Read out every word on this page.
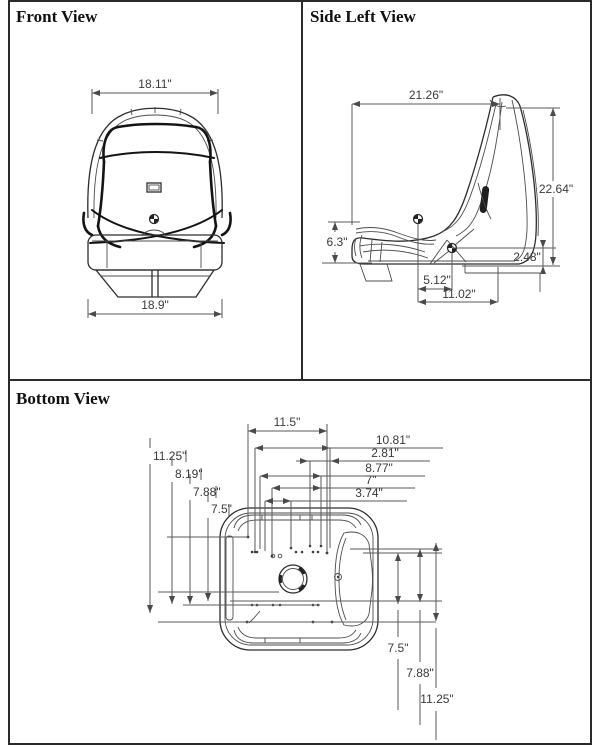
Front View
18.11"
18.9"
Side Left View
21.26"
22.64"
6.3"
2.48"
5.12"
11.02"
Bottom View
11.5"
10.81"
2.81"
8.77"
7"
3.74"
11.25"
8.19"
7.88"
7.5"
7.5"
7.88"
11.25"
